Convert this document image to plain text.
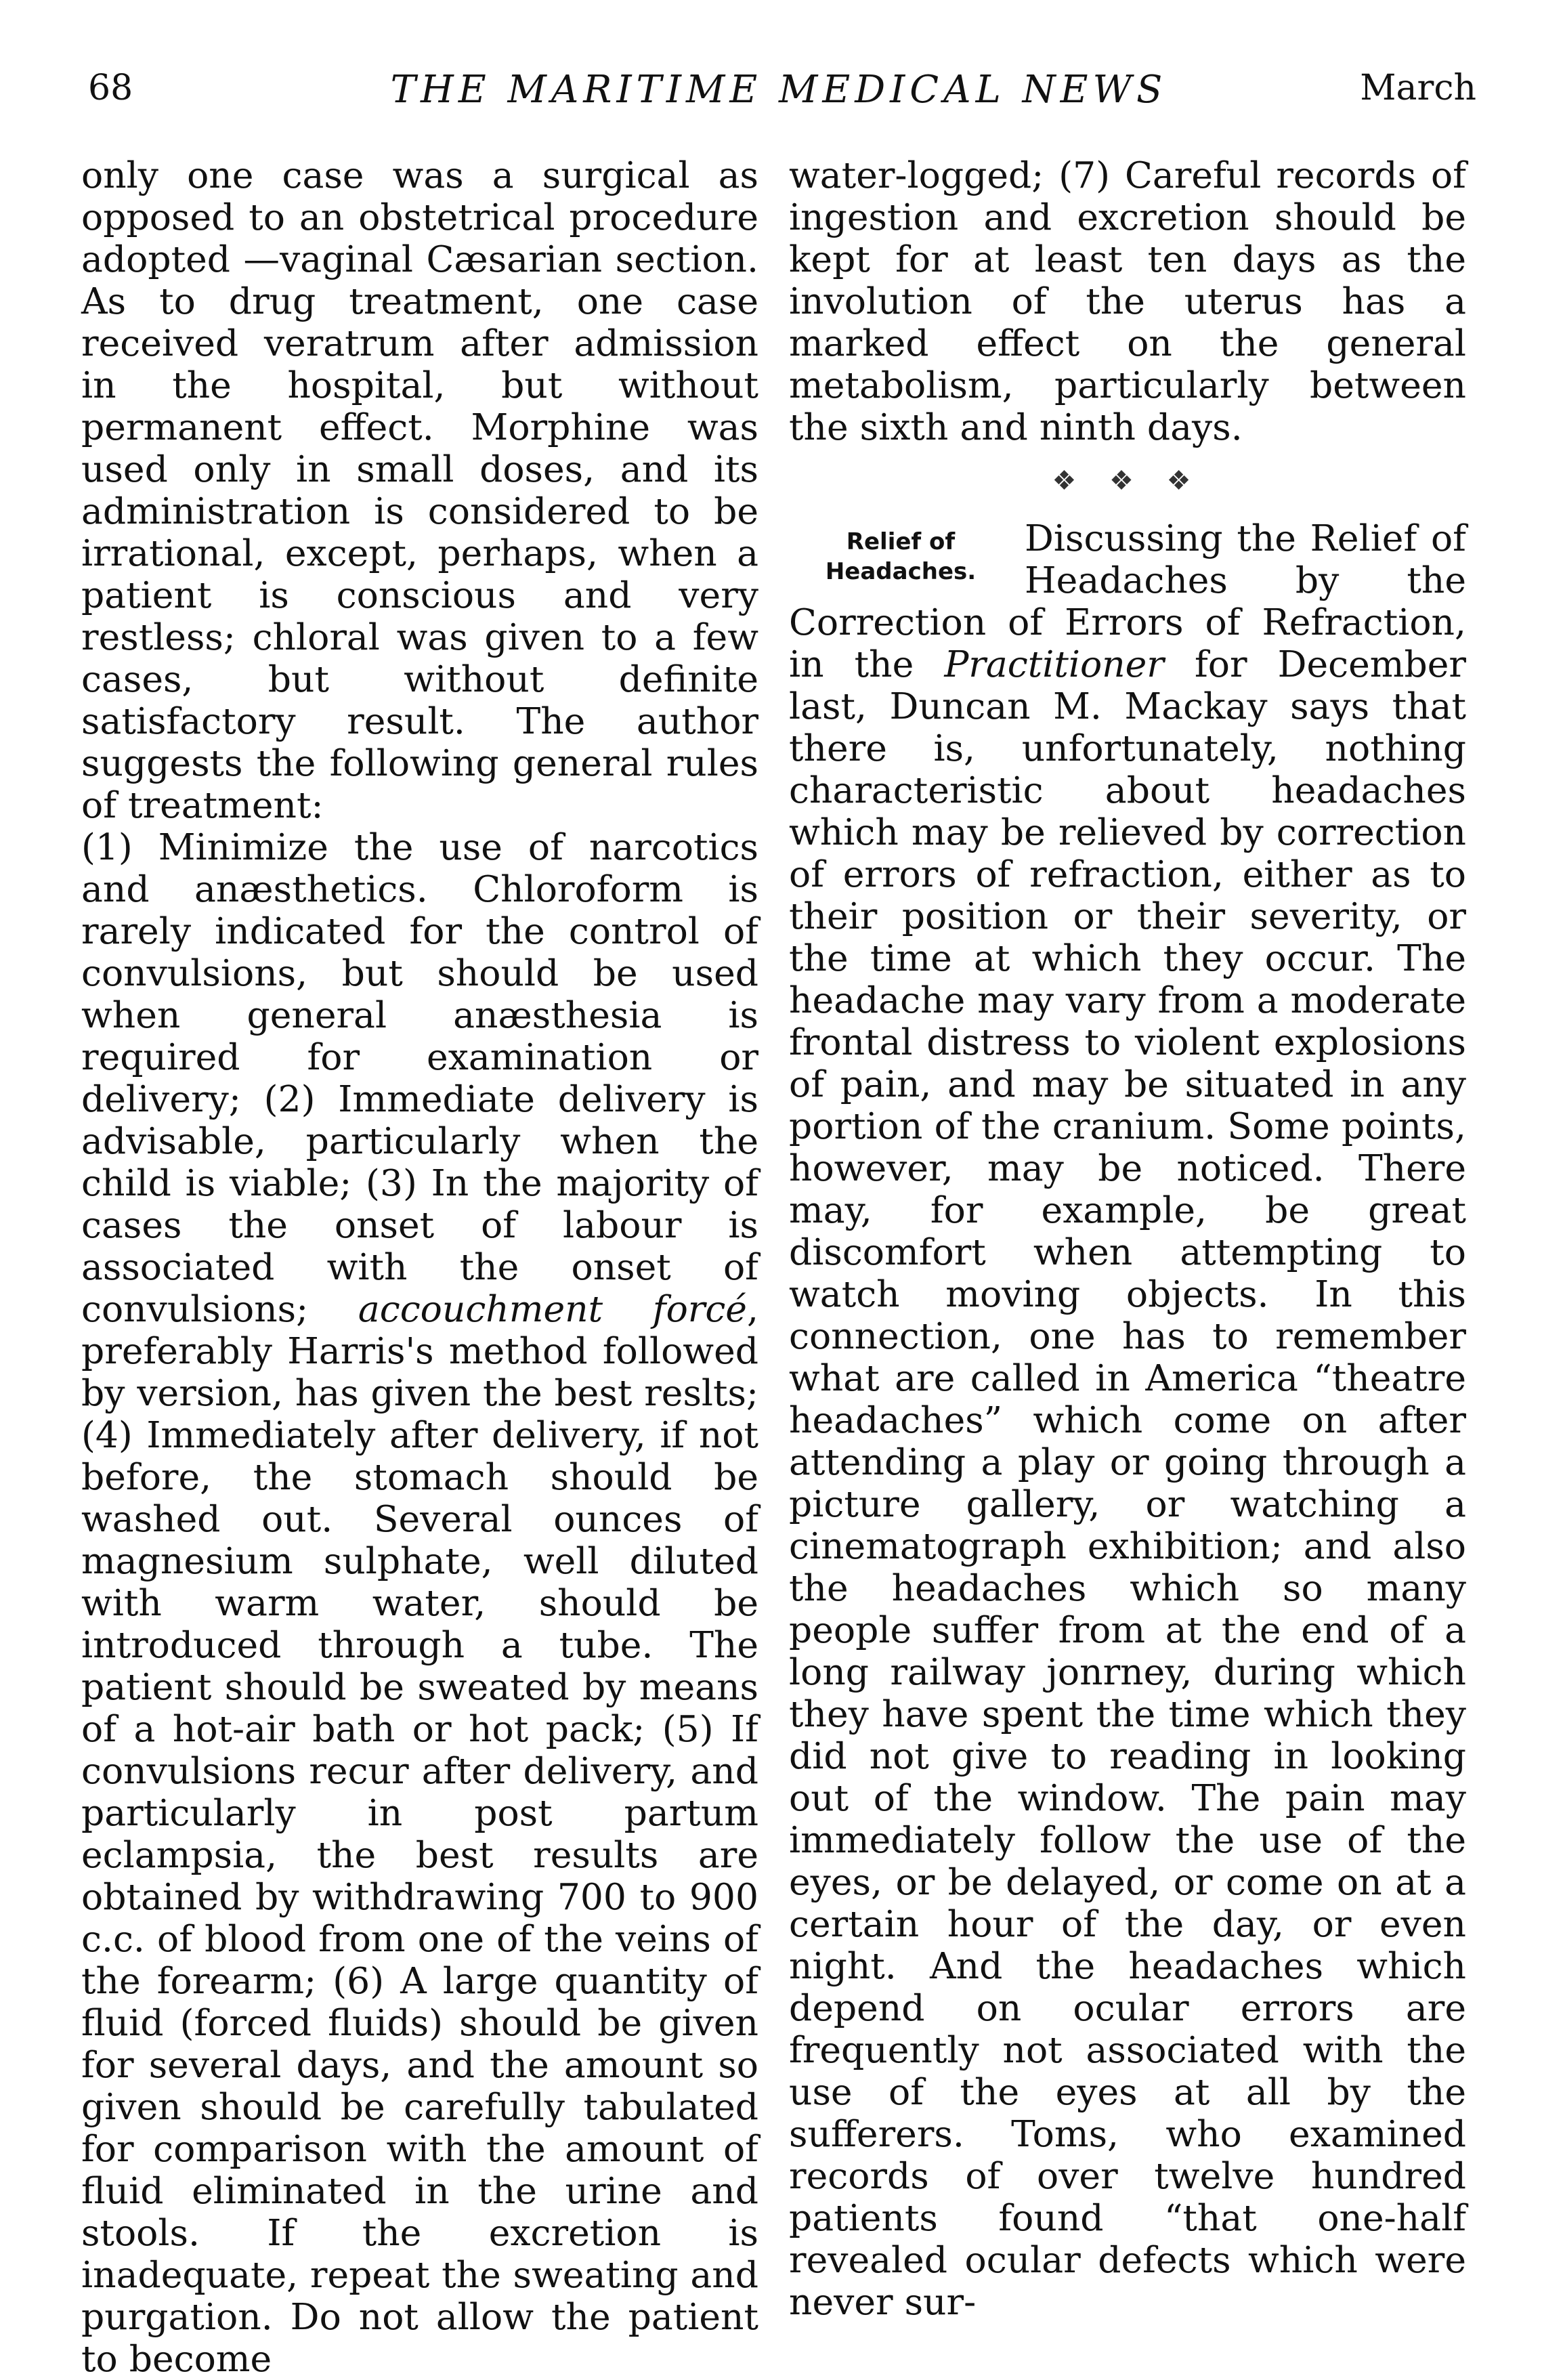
68	THE MARITIME MEDICAL NEWS	March

only one case was a surgical as opposed to an obstetrical procedure adopted —vaginal Cæsarian section. As to drug treatment, one case received veratrum after admission in the hospital, but without permanent effect. Morphine was used only in small doses, and its administration is considered to be irrational, except, perhaps, when a patient is conscious and very restless; chloral was given to a few cases, but without definite satisfactory result. The author suggests the following general rules of treatment:

(1) Minimize the use of narcotics and anæsthetics. Chloroform is rarely indicated for the control of convulsions, but should be used when general anæsthesia is required for examination or delivery; (2) Immediate delivery is advisable, particularly when the child is viable; (3) In the majority of cases the onset of labour is associated with the onset of convulsions; accouchment forcé, preferably Harris's method followed by version, has given the best reslts; (4) Immediately after delivery, if not before, the stomach should be washed out. Several ounces of magnesium sulphate, well diluted with warm water, should be introduced through a tube. The patient should be sweated by means of a hot-air bath or hot pack; (5) If convulsions recur after delivery, and particularly in post partum eclampsia, the best results are obtained by withdrawing 700 to 900 c.c. of blood from one of the veins of the forearm; (6) A large quantity of fluid (forced fluids) should be given for several days, and the amount so given should be carefully tabulated for comparison with the amount of fluid eliminated in the urine and stools. If the excretion is inadequate, repeat the sweating and purgation. Do not allow the patient to become

water-logged; (7) Careful records of ingestion and excretion should be kept for at least ten days as the involution of the uterus has a marked effect on the general metabolism, particularly between the sixth and ninth days.

❖ ❖ ❖
Relief of
Headaches.

Discussing the Relief of Headaches by the Correction of Errors of Refraction, in the Practitioner for December last, Duncan M. Mackay says that there is, unfortunately, nothing characteristic about headaches which may be relieved by correction of errors of refraction, either as to their position or their severity, or the time at which they occur. The headache may vary from a moderate frontal distress to violent explosions of pain, and may be situated in any portion of the cranium. Some points, however, may be noticed. There may, for example, be great discomfort when attempting to watch moving objects. In this connection, one has to remember what are called in America “theatre headaches” which come on after attending a play or going through a picture gallery, or watching a cinematograph exhibition; and also the headaches which so many people suffer from at the end of a long railway jonrney, during which they have spent the time which they did not give to reading in looking out of the window. The pain may immediately follow the use of the eyes, or be delayed, or come on at a certain hour of the day, or even night. And the headaches which depend on ocular errors are frequently not associated with the use of the eyes at all by the sufferers. Toms, who examined records of over twelve hundred patients found “that one-half revealed ocular defects which were never sur-
